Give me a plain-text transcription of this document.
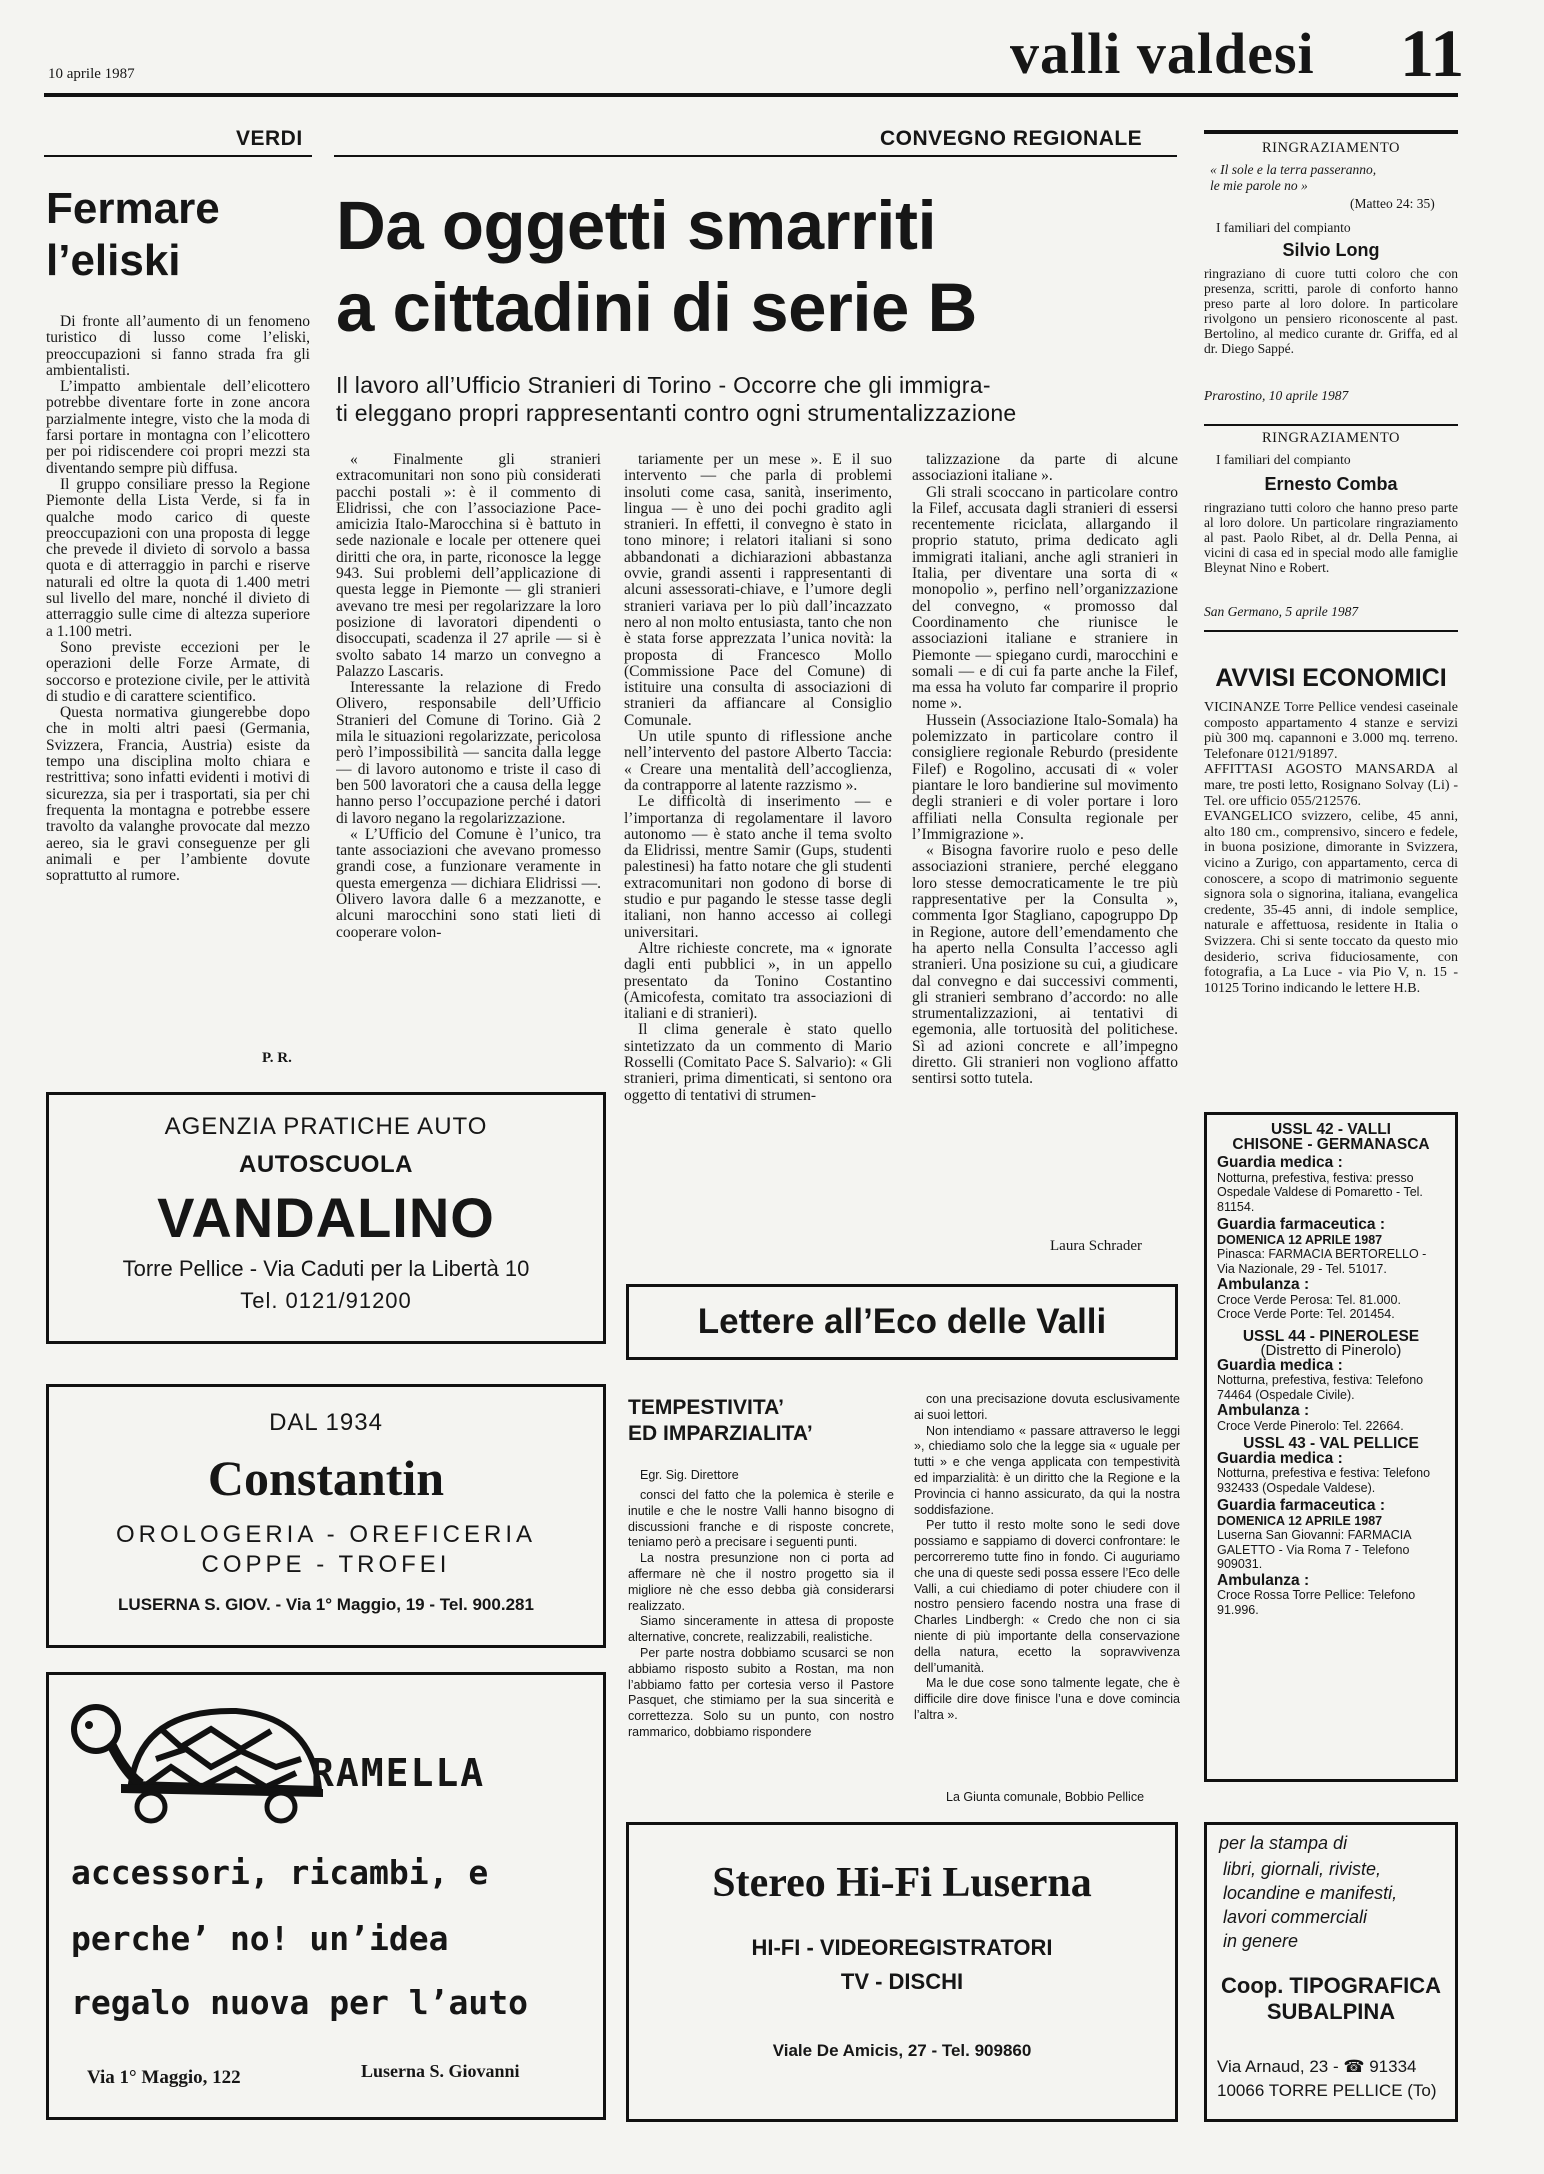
10 aprile 1987	valli valdesi 11
VERDI
Fermare
l’eliski

Di fronte all’aumento di un fenomeno turistico di lusso come l’eliski, preoccupazioni si fanno strada fra gli ambientalisti.

L’impatto ambientale dell’elicottero potrebbe diventare forte in zone ancora parzialmente integre, visto che la moda di farsi portare in montagna con l’elicottero per poi ridiscendere coi propri mezzi sta diventando sempre più diffusa.

Il gruppo consiliare presso la Regione Piemonte della Lista Verde, si fa in qualche modo carico di queste preoccupazioni con una proposta di legge che prevede il divieto di sorvolo a bassa quota e di atterraggio in parchi e riserve naturali ed oltre la quota di 1.400 metri sul livello del mare, nonché il divieto di atterraggio sulle cime di altezza superiore a 1.100 metri.

Sono previste eccezioni per le operazioni delle Forze Armate, di soccorso e protezione civile, per le attività di studio e di carattere scientifico.

Questa normativa giungerebbe dopo che in molti altri paesi (Germania, Svizzera, Francia, Austria) esiste da tempo una disciplina molto chiara e restrittiva; sono infatti evidenti i motivi di sicurezza, sia per i trasportati, sia per chi frequenta la montagna e potrebbe essere travolto da valanghe provocate dal mezzo aereo, sia le gravi conseguenze per gli animali e per l’ambiente dovute soprattutto al rumore.

P. R.
CONVEGNO REGIONALE
Da oggetti smarriti
a cittadini di serie B
Il lavoro all’Ufficio Stranieri di Torino - Occorre che gli immigra-
ti eleggano propri rappresentanti contro ogni strumentalizzazione

« Finalmente gli stranieri extracomunitari non sono più considerati pacchi postali »: è il commento di Elidrissi, che con l’associazione Pace-amicizia Italo-Marocchina si è battuto in sede nazionale e locale per ottenere quei diritti che ora, in parte, riconosce la legge 943. Sui problemi dell’applicazione di questa legge in Piemonte — gli stranieri avevano tre mesi per regolarizzare la loro posizione di lavoratori dipendenti o disoccupati, scadenza il 27 aprile — si è svolto sabato 14 marzo un convegno a Palazzo Lascaris.

Interessante la relazione di Fredo Olivero, responsabile dell’Ufficio Stranieri del Comune di Torino. Già 2 mila le situazioni regolarizzate, pericolosa però l’impossibilità — sancita dalla legge — di lavoro autonomo e triste il caso di ben 500 lavoratori che a causa della legge hanno perso l’occupazione perché i datori di lavoro negano la regolarizzazione.

« L’Ufficio del Comune è l’unico, tra tante associazioni che avevano promesso grandi cose, a funzionare veramente in questa emergenza — dichiara Elidrissi —. Olivero lavora dalle 6 a mezzanotte, e alcuni marocchini sono stati lieti di cooperare volon-

tariamente per un mese ». E il suo intervento — che parla di problemi insoluti come casa, sanità, inserimento, lingua — è uno dei pochi gradito agli stranieri. In effetti, il convegno è stato in tono minore; i relatori italiani si sono abbandonati a dichiarazioni abbastanza ovvie, grandi assenti i rappresentanti di alcuni assessorati-chiave, e l’umore degli stranieri variava per lo più dall’incazzato nero al non molto entusiasta, tanto che non è stata forse apprezzata l’unica novità: la proposta di Francesco Mollo (Commissione Pace del Comune) di istituire una consulta di associazioni di stranieri da affiancare al Consiglio Comunale.

Un utile spunto di riflessione anche nell’intervento del pastore Alberto Taccia: « Creare una mentalità dell’accoglienza, da contrapporre al latente razzismo ».

Le difficoltà di inserimento — e l’importanza di regolamentare il lavoro autonomo — è stato anche il tema svolto da Elidrissi, mentre Samir (Gups, studenti palestinesi) ha fatto notare che gli studenti extracomunitari non godono di borse di studio e pur pagando le stesse tasse degli italiani, non hanno accesso ai collegi universitari.

Altre richieste concrete, ma « ignorate dagli enti pubblici », in un appello presentato da Tonino Costantino (Amicofesta, comitato tra associazioni di italiani e di stranieri).

Il clima generale è stato quello sintetizzato da un commento di Mario Rosselli (Comitato Pace S. Salvario): « Gli stranieri, prima dimenticati, si sentono ora oggetto di tentativi di strumen-

talizzazione da parte di alcune associazioni italiane ».

Gli strali scoccano in particolare contro la Filef, accusata dagli stranieri di essersi recentemente riciclata, allargando il proprio statuto, prima dedicato agli immigrati italiani, anche agli stranieri in Italia, per diventare una sorta di « monopolio », perfino nell’organizzazione del convegno, « promosso dal Coordinamento che riunisce le associazioni italiane e straniere in Piemonte — spiegano curdi, marocchini e somali — e di cui fa parte anche la Filef, ma essa ha voluto far comparire il proprio nome ».

Hussein (Associazione Italo-Somala) ha polemizzato in particolare contro il consigliere regionale Reburdo (presidente Filef) e Rogolino, accusati di « voler piantare le loro bandierine sul movimento degli stranieri e di voler portare i loro affiliati nella Consulta regionale per l’Immigrazione ».

« Bisogna favorire ruolo e peso delle associazioni straniere, perché eleggano loro stesse democraticamente le tre più rappresentative per la Consulta », commenta Igor Stagliano, capogruppo Dp in Regione, autore dell’emendamento che ha aperto nella Consulta l’accesso agli stranieri. Una posizione su cui, a giudicare dal convegno e dai successivi commenti, gli stranieri sembrano d’accordo: no alle strumentalizzazioni, ai tentativi di egemonia, alle tortuosità del politichese. Sì ad azioni concrete e all’impegno diretto. Gli stranieri non vogliono affatto sentirsi sotto tutela.

Laura Schrader
RINGRAZIAMENTO
« Il sole e la terra passeranno,
le mie parole no »
(Matteo 24: 35)
I familiari del compianto
Silvio Long
ringraziano di cuore tutti coloro che con presenza, scritti, parole di conforto hanno preso parte al loro dolore. In particolare rivolgono un pensiero riconoscente al past. Bertolino, al medico curante dr. Griffa, ed al dr. Diego Sappé.
Prarostino, 10 aprile 1987
RINGRAZIAMENTO
I familiari del compianto
Ernesto Comba
ringraziano tutti coloro che hanno preso parte al loro dolore. Un particolare ringraziamento al past. Paolo Ribet, al dr. Della Penna, ai vicini di casa ed in special modo alle famiglie Bleynat Nino e Robert.
San Germano, 5 aprile 1987
AVVISI ECONOMICI
VICINANZE Torre Pellice vendesi caseinale composto appartamento 4 stanze e servizi più 300 mq. capannoni e 3.000 mq. terreno. Telefonare 0121/91897.
AFFITTASI AGOSTO MANSARDA al mare, tre posti letto, Rosignano Solvay (Li) - Tel. ore ufficio 055/212576.
EVANGELICO svizzero, celibe, 45 anni, alto 180 cm., comprensivo, sincero e fedele, in buona posizione, dimorante in Svizzera, vicino a Zurigo, con appartamento, cerca di conoscere, a scopo di matrimonio seguente signora sola o signorina, italiana, evangelica credente, 35-45 anni, di indole semplice, naturale e affettuosa, residente in Italia o Svizzera. Chi si sente toccato da questo mio desiderio, scriva fiduciosamente, con fotografia, a La Luce - via Pio V, n. 15 - 10125 Torino indicando le lettere H.B.
USSL 42 - VALLI
CHISONE - GERMANASCA
Guardia medica :
Notturna, prefestiva, festiva: presso Ospedale Valdese di Pomaretto - Tel. 81154.
Guardia farmaceutica :
DOMENICA 12 APRILE 1987
Pinasca: FARMACIA BERTORELLO - Via Nazionale, 29 - Tel. 51017.
Ambulanza :
Croce Verde Perosa: Tel. 81.000.
Croce Verde Porte: Tel. 201454.
USSL 44 - PINEROLESE
(Distretto di Pinerolo)
Guardia medica :
Notturna, prefestiva, festiva: Telefono 74464 (Ospedale Civile).
Ambulanza :
Croce Verde Pinerolo: Tel. 22664.
USSL 43 - VAL PELLICE
Guardia medica :
Notturna, prefestiva e festiva: Telefono 932433 (Ospedale Valdese).
Guardia farmaceutica :
DOMENICA 12 APRILE 1987
Luserna San Giovanni: FARMACIA GALETTO - Via Roma 7 - Telefono 909031.
Ambulanza :
Croce Rossa Torre Pellice: Telefono 91.996.
AGENZIA PRATICHE AUTO
AUTOSCUOLA
VANDALINO
Torre Pellice - Via Caduti per la Libertà 10
Tel. 0121/91200
DAL 1934
Constantin
OROLOGERIA - OREFICERIA
COPPE - TROFEI
LUSERNA S. GIOV. - Via 1° Maggio, 19 - Tel. 900.281
RAMELLA
accessori, ricambi, e
perche’ no! un’idea
regalo nuova per l’auto
Via 1° Maggio, 122	Luserna S. Giovanni
Lettere all’Eco delle Valli
TEMPESTIVITA’
ED IMPARZIALITA’
Egr. Sig. Direttore

consci del fatto che la polemica è sterile e inutile e che le nostre Valli hanno bisogno di discussioni franche e di risposte concrete, teniamo però a precisare i seguenti punti.

La nostra presunzione non ci porta ad affermare nè che il nostro progetto sia il migliore nè che esso debba già considerarsi realizzato.

Siamo sinceramente in attesa di proposte alternative, concrete, realizzabili, realistiche.

Per parte nostra dobbiamo scusarci se non abbiamo risposto subito a Rostan, ma non l’abbiamo fatto per cortesia verso il Pastore Pasquet, che stimiamo per la sua sincerità e correttezza. Solo su un punto, con nostro rammarico, dobbiamo rispondere

con una precisazione dovuta esclusivamente ai suoi lettori.

Non intendiamo « passare attraverso le leggi », chiediamo solo che la legge sia « uguale per tutti » e che venga applicata con tempestività ed imparzialità: è un diritto che la Regione e la Provincia ci hanno assicurato, da qui la nostra soddisfazione.

Per tutto il resto molte sono le sedi dove possiamo e sappiamo di doverci confrontare: le percorreremo tutte fino in fondo. Ci auguriamo che una di queste sedi possa essere l’Eco delle Valli, a cui chiediamo di poter chiudere con il nostro pensiero facendo nostra una frase di Charles Lindbergh: « Credo che non ci sia niente di più importante della conservazione della natura, ecetto la sopravvivenza dell’umanità.

Ma le due cose sono talmente legate, che è difficile dire dove finisce l’una e dove comincia l’altra ».

La Giunta comunale, Bobbio Pellice
Stereo Hi-Fi Luserna
HI-FI - VIDEOREGISTRATORI
TV - DISCHI
Viale De Amicis, 27 - Tel. 909860
per la stampa di
libri, giornali, riviste,
locandine e manifesti,
lavori commerciali
in genere
Coop. TIPOGRAFICA
SUBALPINA
Via Arnaud, 23 - ☎ 91334
10066 TORRE PELLICE (To)
